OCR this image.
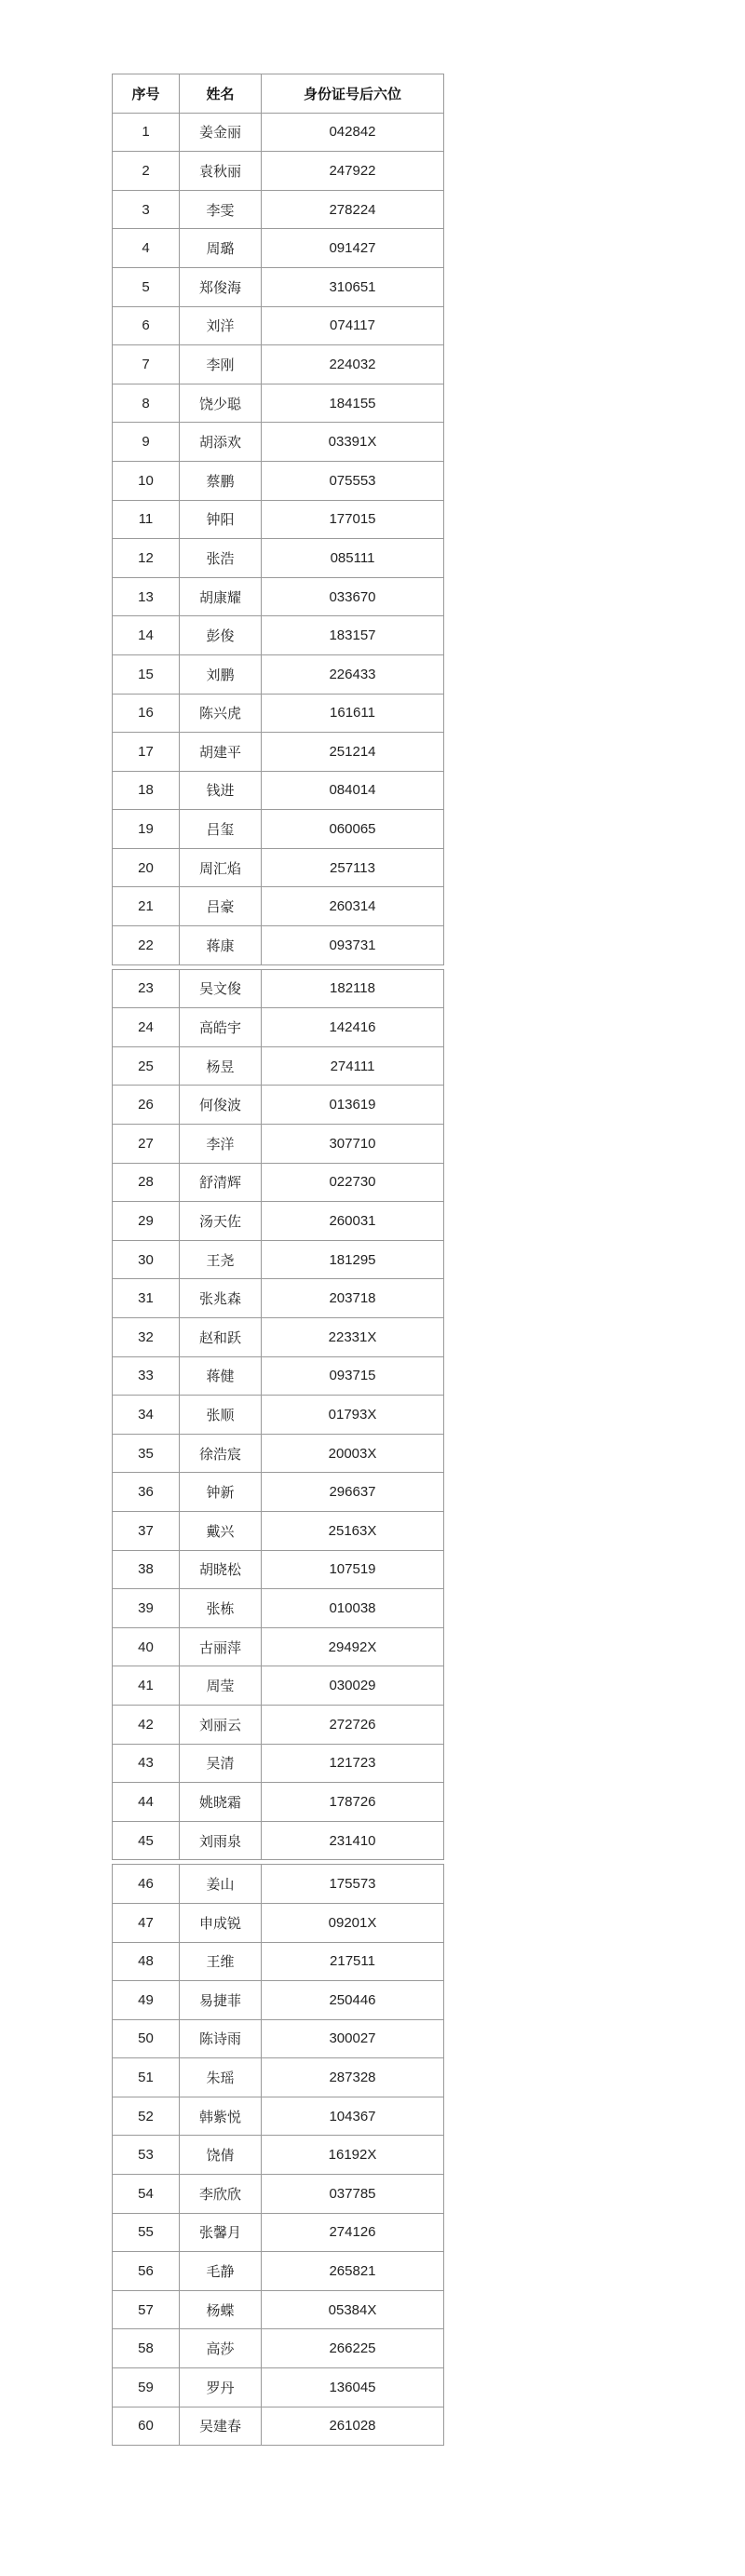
序号	姓名	身份证号后六位
1	姜金丽	042842
2	袁秋丽	247922
3	李雯	278224
4	周璐	091427
5	郑俊海	310651
6	刘洋	074117
7	李刚	224032
8	饶少聪	184155
9	胡添欢	03391X
10	蔡鹏	075553
11	钟阳	177015
12	张浩	085111
13	胡康耀	033670
14	彭俊	183157
15	刘鹏	226433
16	陈兴虎	161611
17	胡建平	251214
18	钱进	084014
19	吕玺	060065
20	周汇焰	257113
21	吕豪	260314
22	蒋康	093731

23	吴文俊	182118
24	高皓宇	142416
25	杨昱	274111
26	何俊波	013619
27	李洋	307710
28	舒清辉	022730
29	汤天佐	260031
30	王尧	181295
31	张兆森	203718
32	赵和跃	22331X
33	蒋健	093715
34	张顺	01793X
35	徐浩宸	20003X
36	钟新	296637
37	戴兴	25163X
38	胡晓松	107519
39	张栋	010038
40	古丽萍	29492X
41	周莹	030029
42	刘丽云	272726
43	吴清	121723
44	姚晓霜	178726
45	刘雨泉	231410

46	姜山	175573
47	申成锐	09201X
48	王维	217511
49	易捷菲	250446
50	陈诗雨	300027
51	朱瑶	287328
52	韩紫悦	104367
53	饶倩	16192X
54	李欣欣	037785
55	张馨月	274126
56	毛静	265821
57	杨蝶	05384X
58	高莎	266225
59	罗丹	136045
60	吴建春	261028
